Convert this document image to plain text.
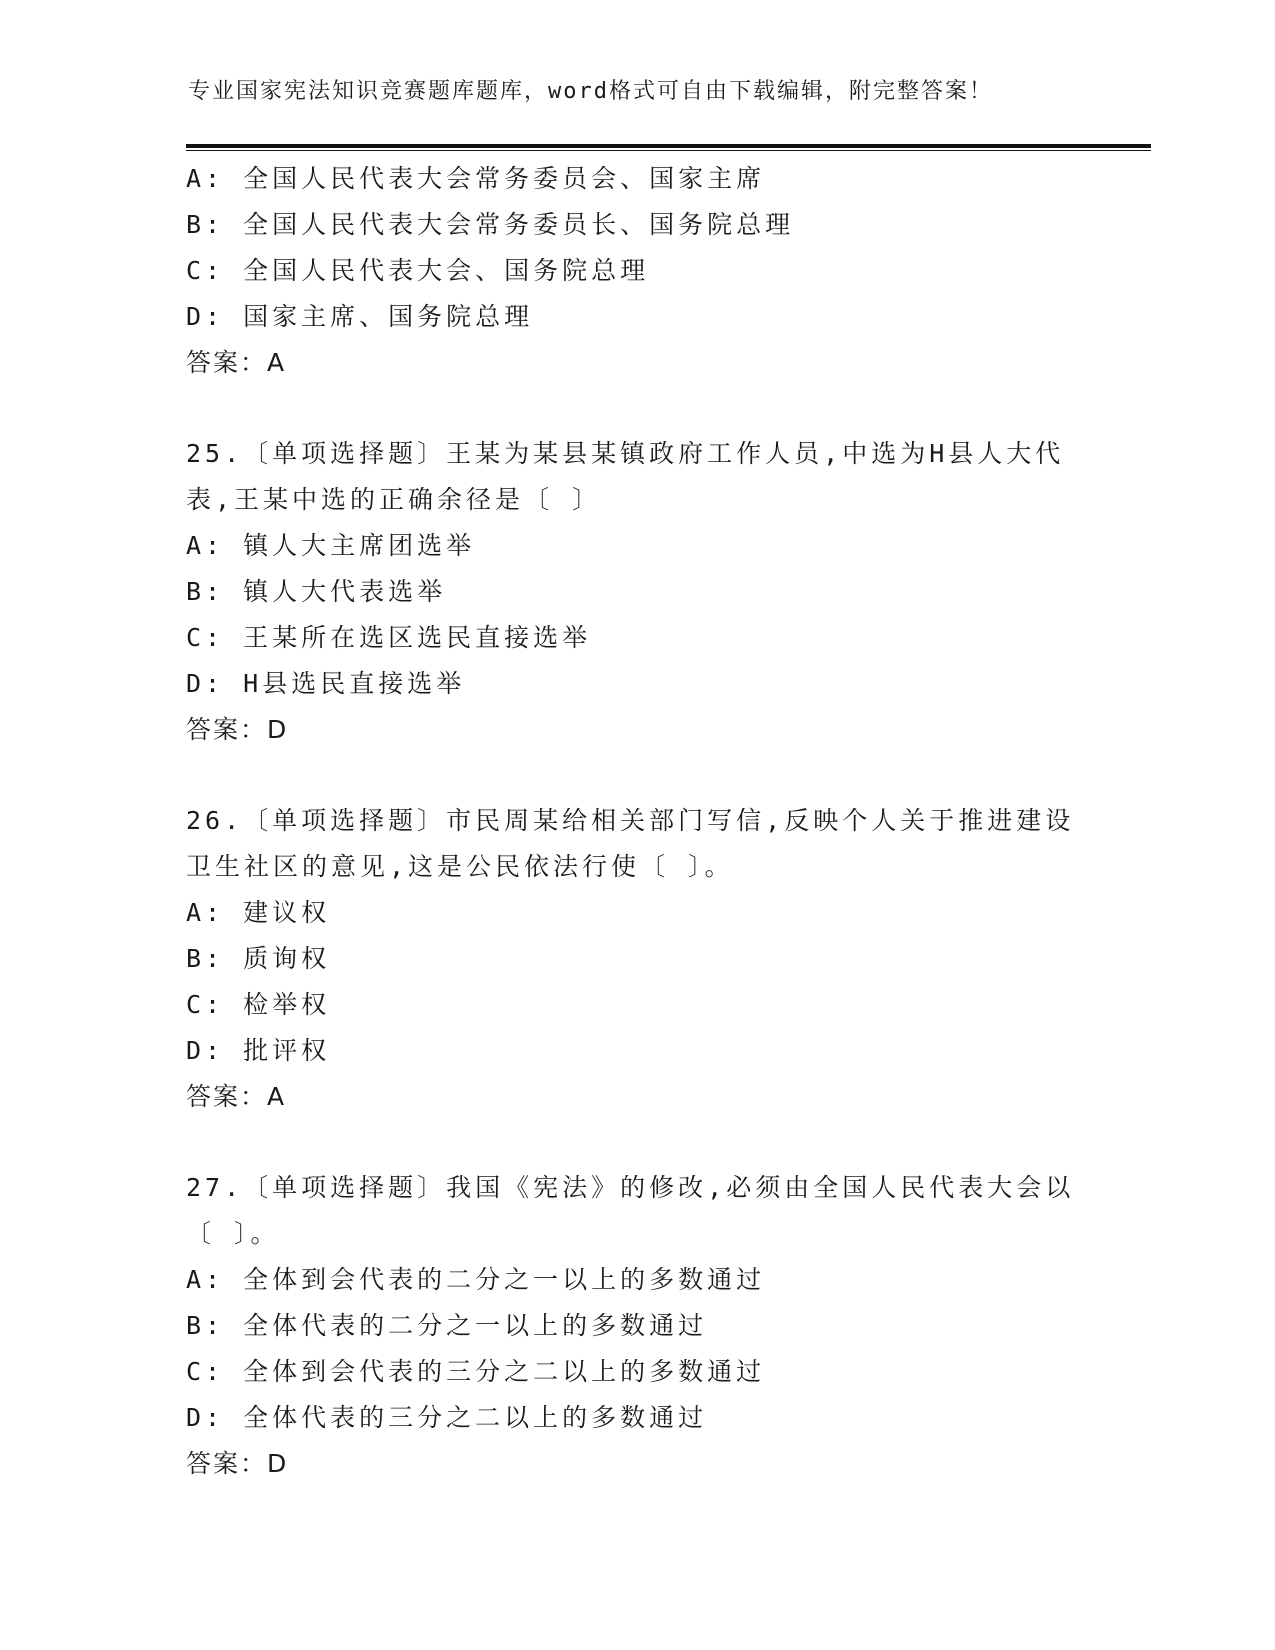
专业国家宪法知识竞赛题库题库，word格式可自由下载编辑，附完整答案！
A: 全国人民代表大会常务委员会、国家主席
B: 全国人民代表大会常务委员长、国务院总理
C: 全国人民代表大会、国务院总理
D: 国家主席、国务院总理
答案：A
25.〔单项选择题〕王某为某县某镇政府工作人员,中选为H县人大代
表,王某中选的正确余径是〔 〕
A: 镇人大主席团选举
B: 镇人大代表选举
C: 王某所在选区选民直接选举
D: H县选民直接选举
答案：D
26.〔单项选择题〕市民周某给相关部门写信,反映个人关于推进建设
卫生社区的意见,这是公民依法行使〔 〕。
A: 建议权
B: 质询权
C: 检举权
D: 批评权
答案：A
27.〔单项选择题〕我国《宪法》的修改,必须由全国人民代表大会以
〔 〕。
A: 全体到会代表的二分之一以上的多数通过
B: 全体代表的二分之一以上的多数通过
C: 全体到会代表的三分之二以上的多数通过
D: 全体代表的三分之二以上的多数通过
答案：D
